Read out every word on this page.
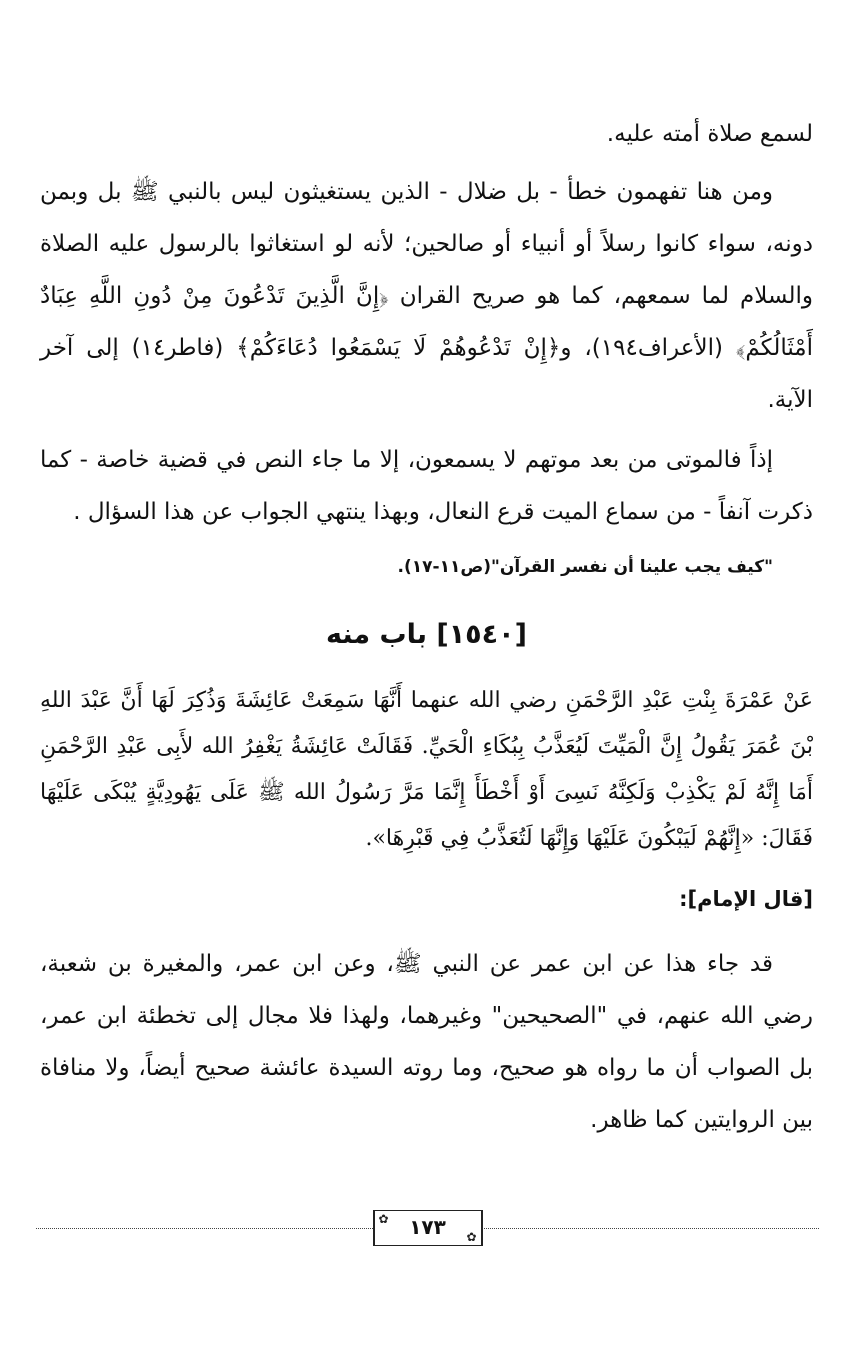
لسمع صلاة أمته عليه.

ومن هنا تفهمون خطأ - بل ضلال - الذين يستغيثون ليس بالنبي ﷺ بل وبمن دونه، سواء كانوا رسلاً أو أنبياء أو صالحين؛ لأنه لو استغاثوا بالرسول عليه الصلاة والسلام لما سمعهم، كما هو صريح القران ﴿إِنَّ الَّذِينَ تَدْعُونَ مِنْ دُونِ اللَّهِ عِبَادٌ أَمْثَالُكُمْ﴾ (الأعراف١٩٤)، و﴿إِنْ تَدْعُوهُمْ لَا يَسْمَعُوا دُعَاءَكُمْ﴾ (فاطر١٤) إلى آخر الآية.

إذاً فالموتى من بعد موتهم لا يسمعون، إلا ما جاء النص في قضية خاصة - كما ذكرت آنفاً - من سماع الميت قرع النعال، وبهذا ينتهي الجواب عن هذا السؤال .

"كيف يجب علينا أن نفسر القرآن"(ص١١-١٧).

[١٥٤٠] باب منه

عَنْ عَمْرَةَ بِنْتِ عَبْدِ الرَّحْمَنِ رضي الله عنهما أَنَّهَا سَمِعَتْ عَائِشَةَ وَذُكِرَ لَهَا أَنَّ عَبْدَ اللهِ بْنَ عُمَرَ يَقُولُ إِنَّ الْمَيِّتَ لَيُعَذَّبُ بِبُكَاءِ الْحَيِّ. فَقَالَتْ عَائِشَةُ يَغْفِرُ الله لأَبِى عَبْدِ الرَّحْمَنِ أَمَا إِنَّهُ لَمْ يَكْذِبْ وَلَكِنَّهُ نَسِىَ أَوْ أَخْطَأَ إِنَّمَا مَرَّ رَسُولُ الله ﷺ عَلَى يَهُودِيَّةٍ يُبْكَى عَلَيْهَا فَقَالَ: «إِنَّهُمْ لَيَبْكُونَ عَلَيْهَا وَإِنَّهَا لَتُعَذَّبُ فِي قَبْرِهَا».

[قال الإمام]:

قد جاء هذا عن ابن عمر عن النبي ﷺ، وعن ابن عمر، والمغيرة بن شعبة، رضي الله عنهم، في "الصحيحين" وغيرهما، ولهذا فلا مجال إلى تخطئة ابن عمر، بل الصواب أن ما رواه هو صحيح، وما روته السيدة عائشة صحيح أيضاً، ولا منافاة بين الروايتين كما ظاهر.

✿	١٧٣	✿
